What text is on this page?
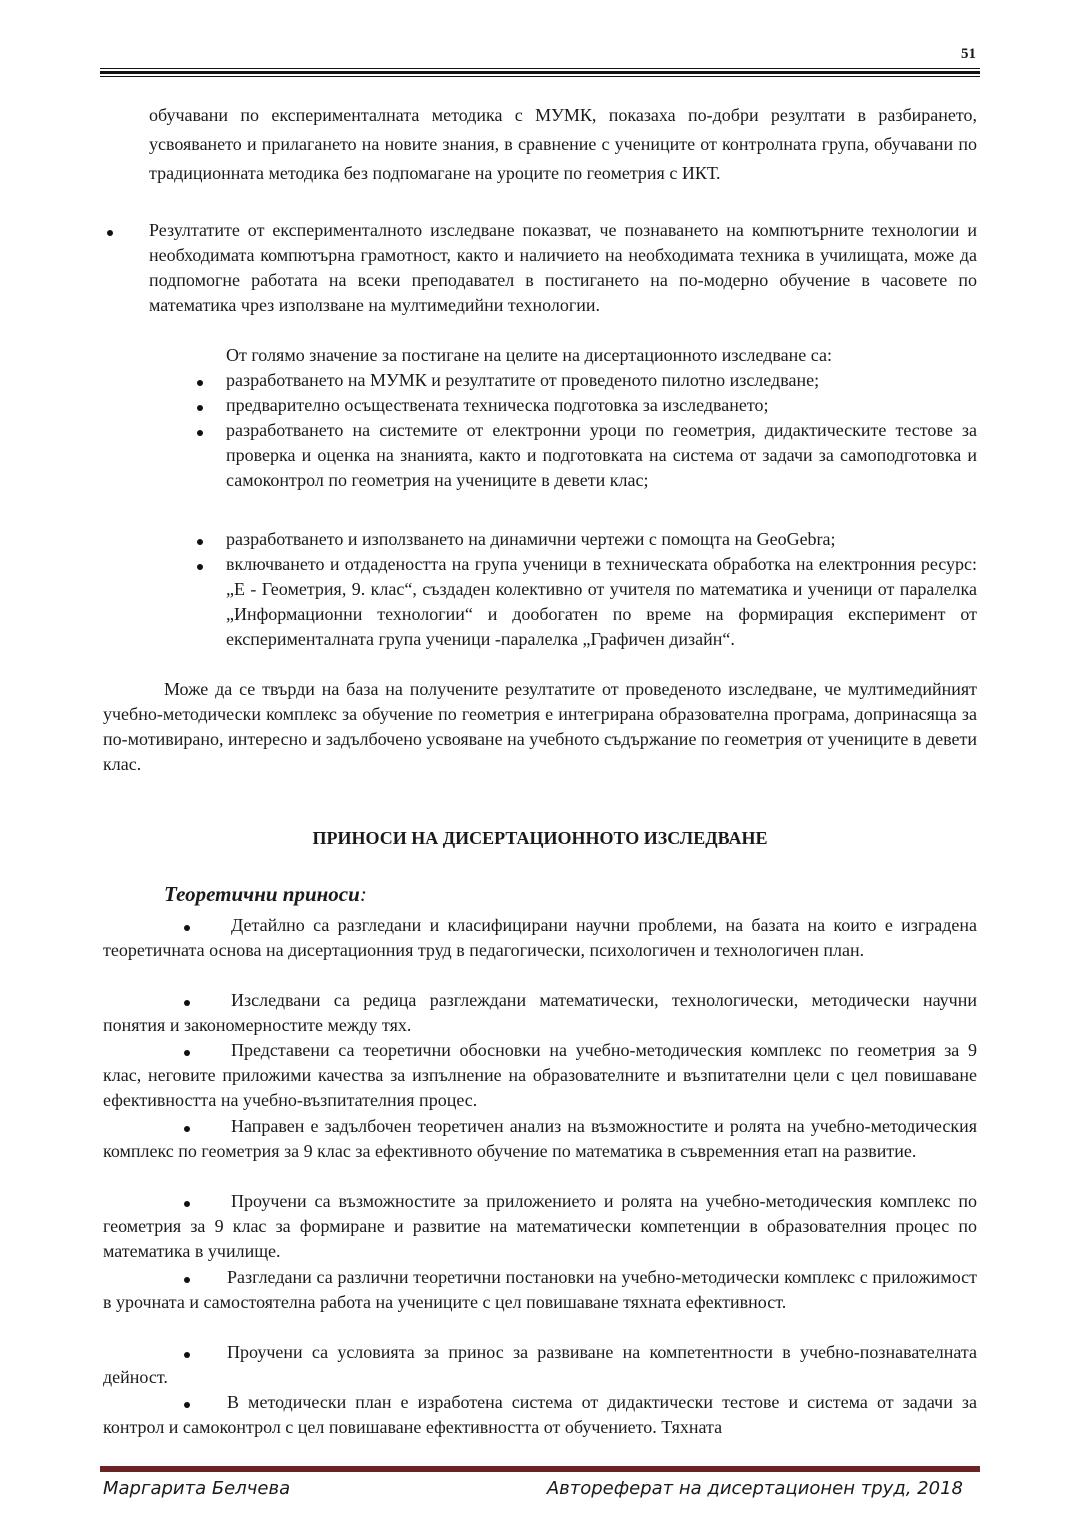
51

обучавани по експерименталната методика с МУМК, показаха по-добри резултати в разбирането, усвояването и прилагането на новите знания, в сравнение с учениците от контролната група, обучавани по традиционната методика без подпомагане на уроците по геометрия с ИКТ.

Резултатите от експерименталното изследване показват, че познаването на компютърните технологии и необходимата компютърна грамотност, както и наличието на необходимата техника в училищата, може да подпомогне работата на всеки преподавател в постигането на по-модерно обучение в часовете по математика чрез използване на мултимедийни технологии.

От голямо значение за постигане на целите на дисертационното изследване са:

разработването на МУМК и резултатите от проведеното пилотно изследване;

предварително осъществената техническа подготовка за изследването;

разработването на системите от електронни уроци по геометрия, дидактическите тестове за проверка и оценка на знанията, както и подготовката на система от задачи за самоподготовка и самоконтрол по геометрия на учениците в девети клас;

разработването и използването на динамични чертежи с помощта на GeoGebra;

включването и отдадеността на група ученици в техническата обработка на електронния ресурс: „Е - Геометрия, 9. клас“, създаден колективно от учителя по математика и ученици от паралелка „Информационни технологии“ и дообогатен по време на формирация експеримент от експерименталната група ученици -паралелка „Графичен дизайн“.

Може да се твърди на база на получените резултатите от проведеното изследване, че мултимедийният учебно-методически комплекс за обучение по геометрия е интегрирана образователна програма, допринасяща за по-мотивирано, интересно и задълбочено усвояване на учебното съдържание по геометрия от учениците в девети клас.

ПРИНОСИ НА ДИСЕРТАЦИОННОТО ИЗСЛЕДВАНЕ
Теоретични приноси:

Детайлно са разгледани и класифицирани научни проблеми, на базата на които е изградена теоретичната основа на дисертационния труд в педагогически, психологичен и технологичен план.

Изследвани са редица разглеждани математически, технологически, методически научни понятия и закономерностите между тях.

Представени са теоретични обосновки на учебно-методическия комплекс по геометрия за 9 клас, неговите приложими качества за изпълнение на образователните и възпитателни цели с цел повишаване ефективността на учебно-възпитателния процес.

Направен е задълбочен теоретичен анализ на възможностите и ролята на учебно-методическия комплекс по геометрия за 9 клас за ефективното обучение по математика в съвременния етап на развитие.

Проучени са възможностите за приложението и ролята на учебно-методическия комплекс по геометрия за 9 клас за формиране и развитие на математически компетенции в образователния процес по математика в училище.

Разгледани са различни теоретични постановки на учебно-методически комплекс с приложимост в урочната и самостоятелна работа на учениците с цел повишаване тяхната ефективност.

Проучени са условията за принос за развиване на компетентности в учебно-познавателната дейност.

В методически план е изработена система от дидактически тестове и система от задачи за контрол и самоконтрол с цел повишаване ефективността от обучението. Тяхната

Маргарита Белчева	Автореферат на дисертационен труд, 2018
